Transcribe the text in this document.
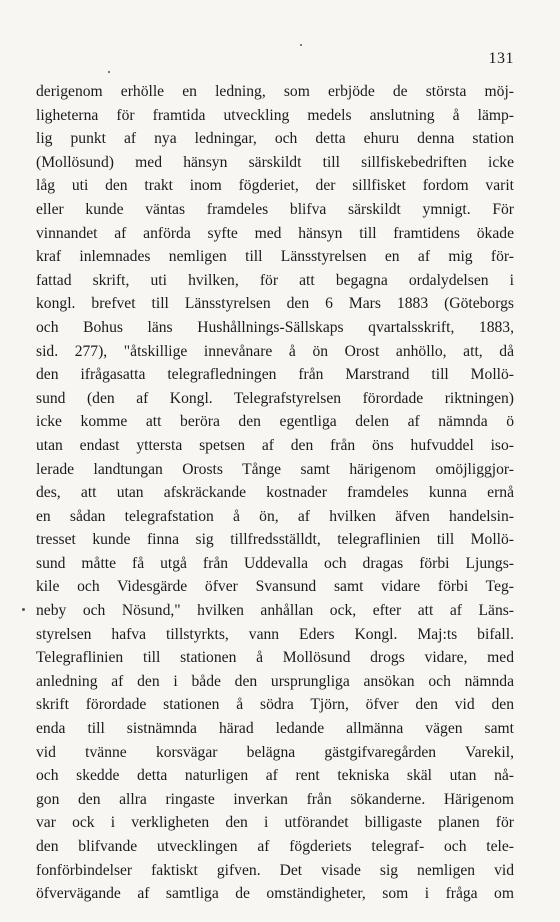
131
derigenom erhölle en ledning, som erbjöde de största möj-
ligheterna för framtida utveckling medels anslutning å lämp-
lig punkt af nya ledningar, och detta ehuru denna station
(Mollösund) med hänsyn särskildt till sillfiskebedriften icke
låg uti den trakt inom fögderiet, der sillfisket fordom varit
eller kunde väntas framdeles blifva särskildt ymnigt. För
vinnandet af anförda syfte med hänsyn till framtidens ökade
kraf inlemnades nemligen till Länsstyrelsen en af mig för-
fattad skrift, uti hvilken, för att begagna ordalydelsen i
kongl. brefvet till Länsstyrelsen den 6 Mars 1883 (Göteborgs
och Bohus läns Hushållnings-Sällskaps qvartalsskrift, 1883,
sid. 277), "åtskillige innevånare å ön Orost anhöllo, att, då
den ifrågasatta telegrafledningen från Marstrand till Mollö-
sund (den af Kongl. Telegrafstyrelsen förordade riktningen)
icke komme att beröra den egentliga delen af nämnda ö
utan endast yttersta spetsen af den från öns hufvuddel iso-
lerade landtungan Orosts Tånge samt härigenom omöjliggjor-
des, att utan afskräckande kostnader framdeles kunna ernå
en sådan telegrafstation å ön, af hvilken äfven handelsin-
tresset kunde finna sig tillfredsställdt, telegraflinien till Mollö-
sund måtte få utgå från Uddevalla och dragas förbi Ljungs-
kile och Videsgärde öfver Svansund samt vidare förbi Teg-
neby och Nösund," hvilken anhållan ock, efter att af Läns-
styrelsen hafva tillstyrkts, vann Eders Kongl. Maj:ts bifall.
Telegraflinien till stationen å Mollösund drogs vidare, med
anledning af den i både den ursprungliga ansökan och nämnda
skrift förordade stationen å södra Tjörn, öfver den vid den
enda till sistnämnda härad ledande allmänna vägen samt
vid tvänne korsvägar belägna gästgifvaregården Varekil,
och skedde detta naturligen af rent tekniska skäl utan nå-
gon den allra ringaste inverkan från sökanderne. Härigenom
var ock i verkligheten den i utförandet billigaste planen för
den blifvande utvecklingen af fögderiets telegraf- och tele-
fonförbindelser faktiskt gifven. Det visade sig nemligen vid
öfvervägande af samtliga de omständigheter, som i fråga om
